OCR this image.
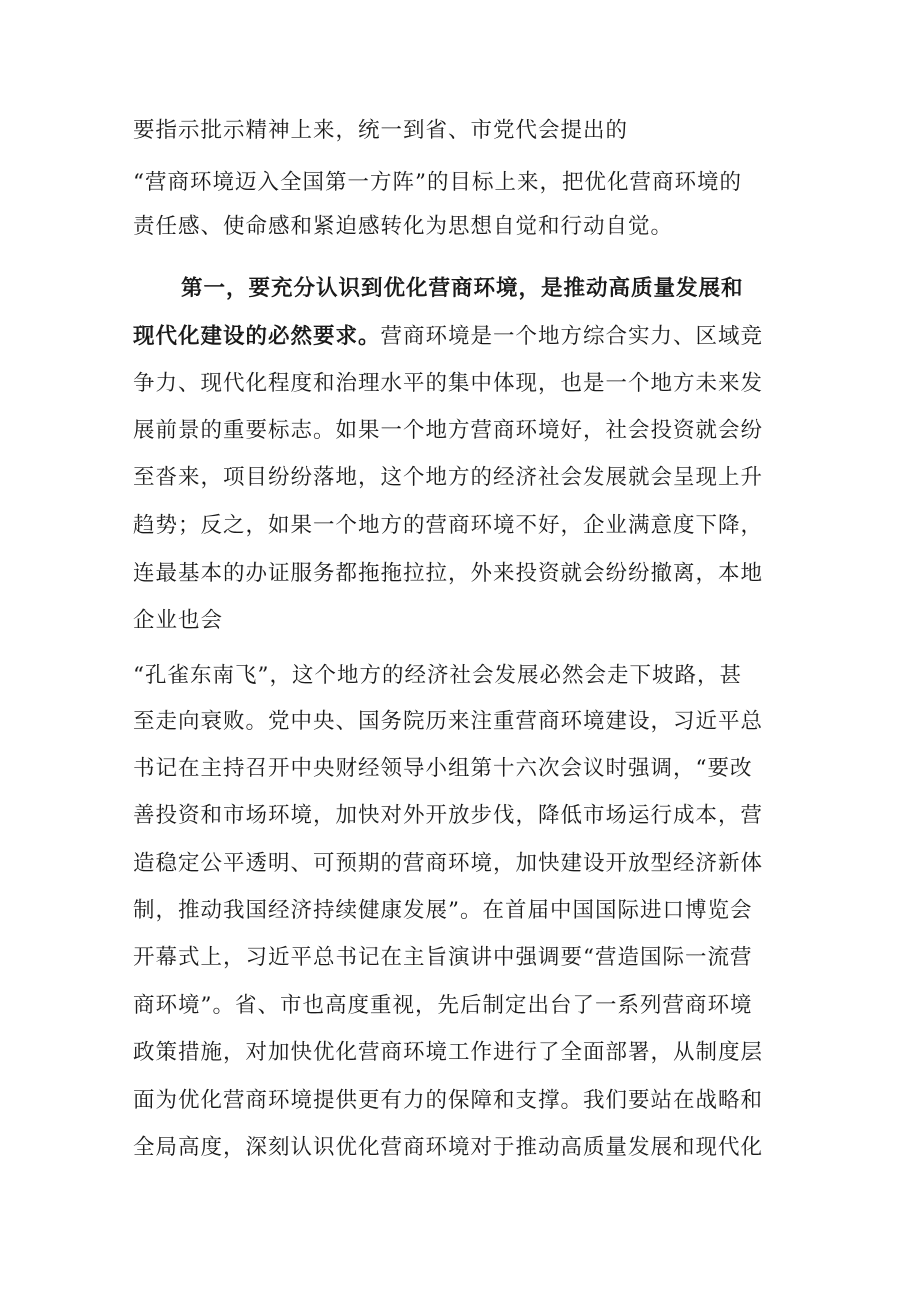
要指示批示精神上来，统一到省、市党代会提出的
“营商环境迈入全国第一方阵”的目标上来，把优化营商环境的
责任感、使命感和紧迫感转化为思想自觉和行动自觉。
第一，要充分认识到优化营商环境，是推动高质量发展和
现代化建设的必然要求。营商环境是一个地方综合实力、区域竞
争力、现代化程度和治理水平的集中体现，也是一个地方未来发
展前景的重要标志。如果一个地方营商环境好，社会投资就会纷
至沓来，项目纷纷落地，这个地方的经济社会发展就会呈现上升
趋势；反之，如果一个地方的营商环境不好，企业满意度下降，
连最基本的办证服务都拖拖拉拉，外来投资就会纷纷撤离，本地
企业也会
“孔雀东南飞”，这个地方的经济社会发展必然会走下坡路，甚
至走向衰败。党中央、国务院历来注重营商环境建设，习近平总
书记在主持召开中央财经领导小组第十六次会议时强调，“要改
善投资和市场环境，加快对外开放步伐，降低市场运行成本，营
造稳定公平透明、可预期的营商环境，加快建设开放型经济新体
制，推动我国经济持续健康发展”。在首届中国国际进口博览会
开幕式上，习近平总书记在主旨演讲中强调要“营造国际一流营
商环境”。省、市也高度重视，先后制定出台了一系列营商环境
政策措施，对加快优化营商环境工作进行了全面部署，从制度层
面为优化营商环境提供更有力的保障和支撑。我们要站在战略和
全局高度，深刻认识优化营商环境对于推动高质量发展和现代化
